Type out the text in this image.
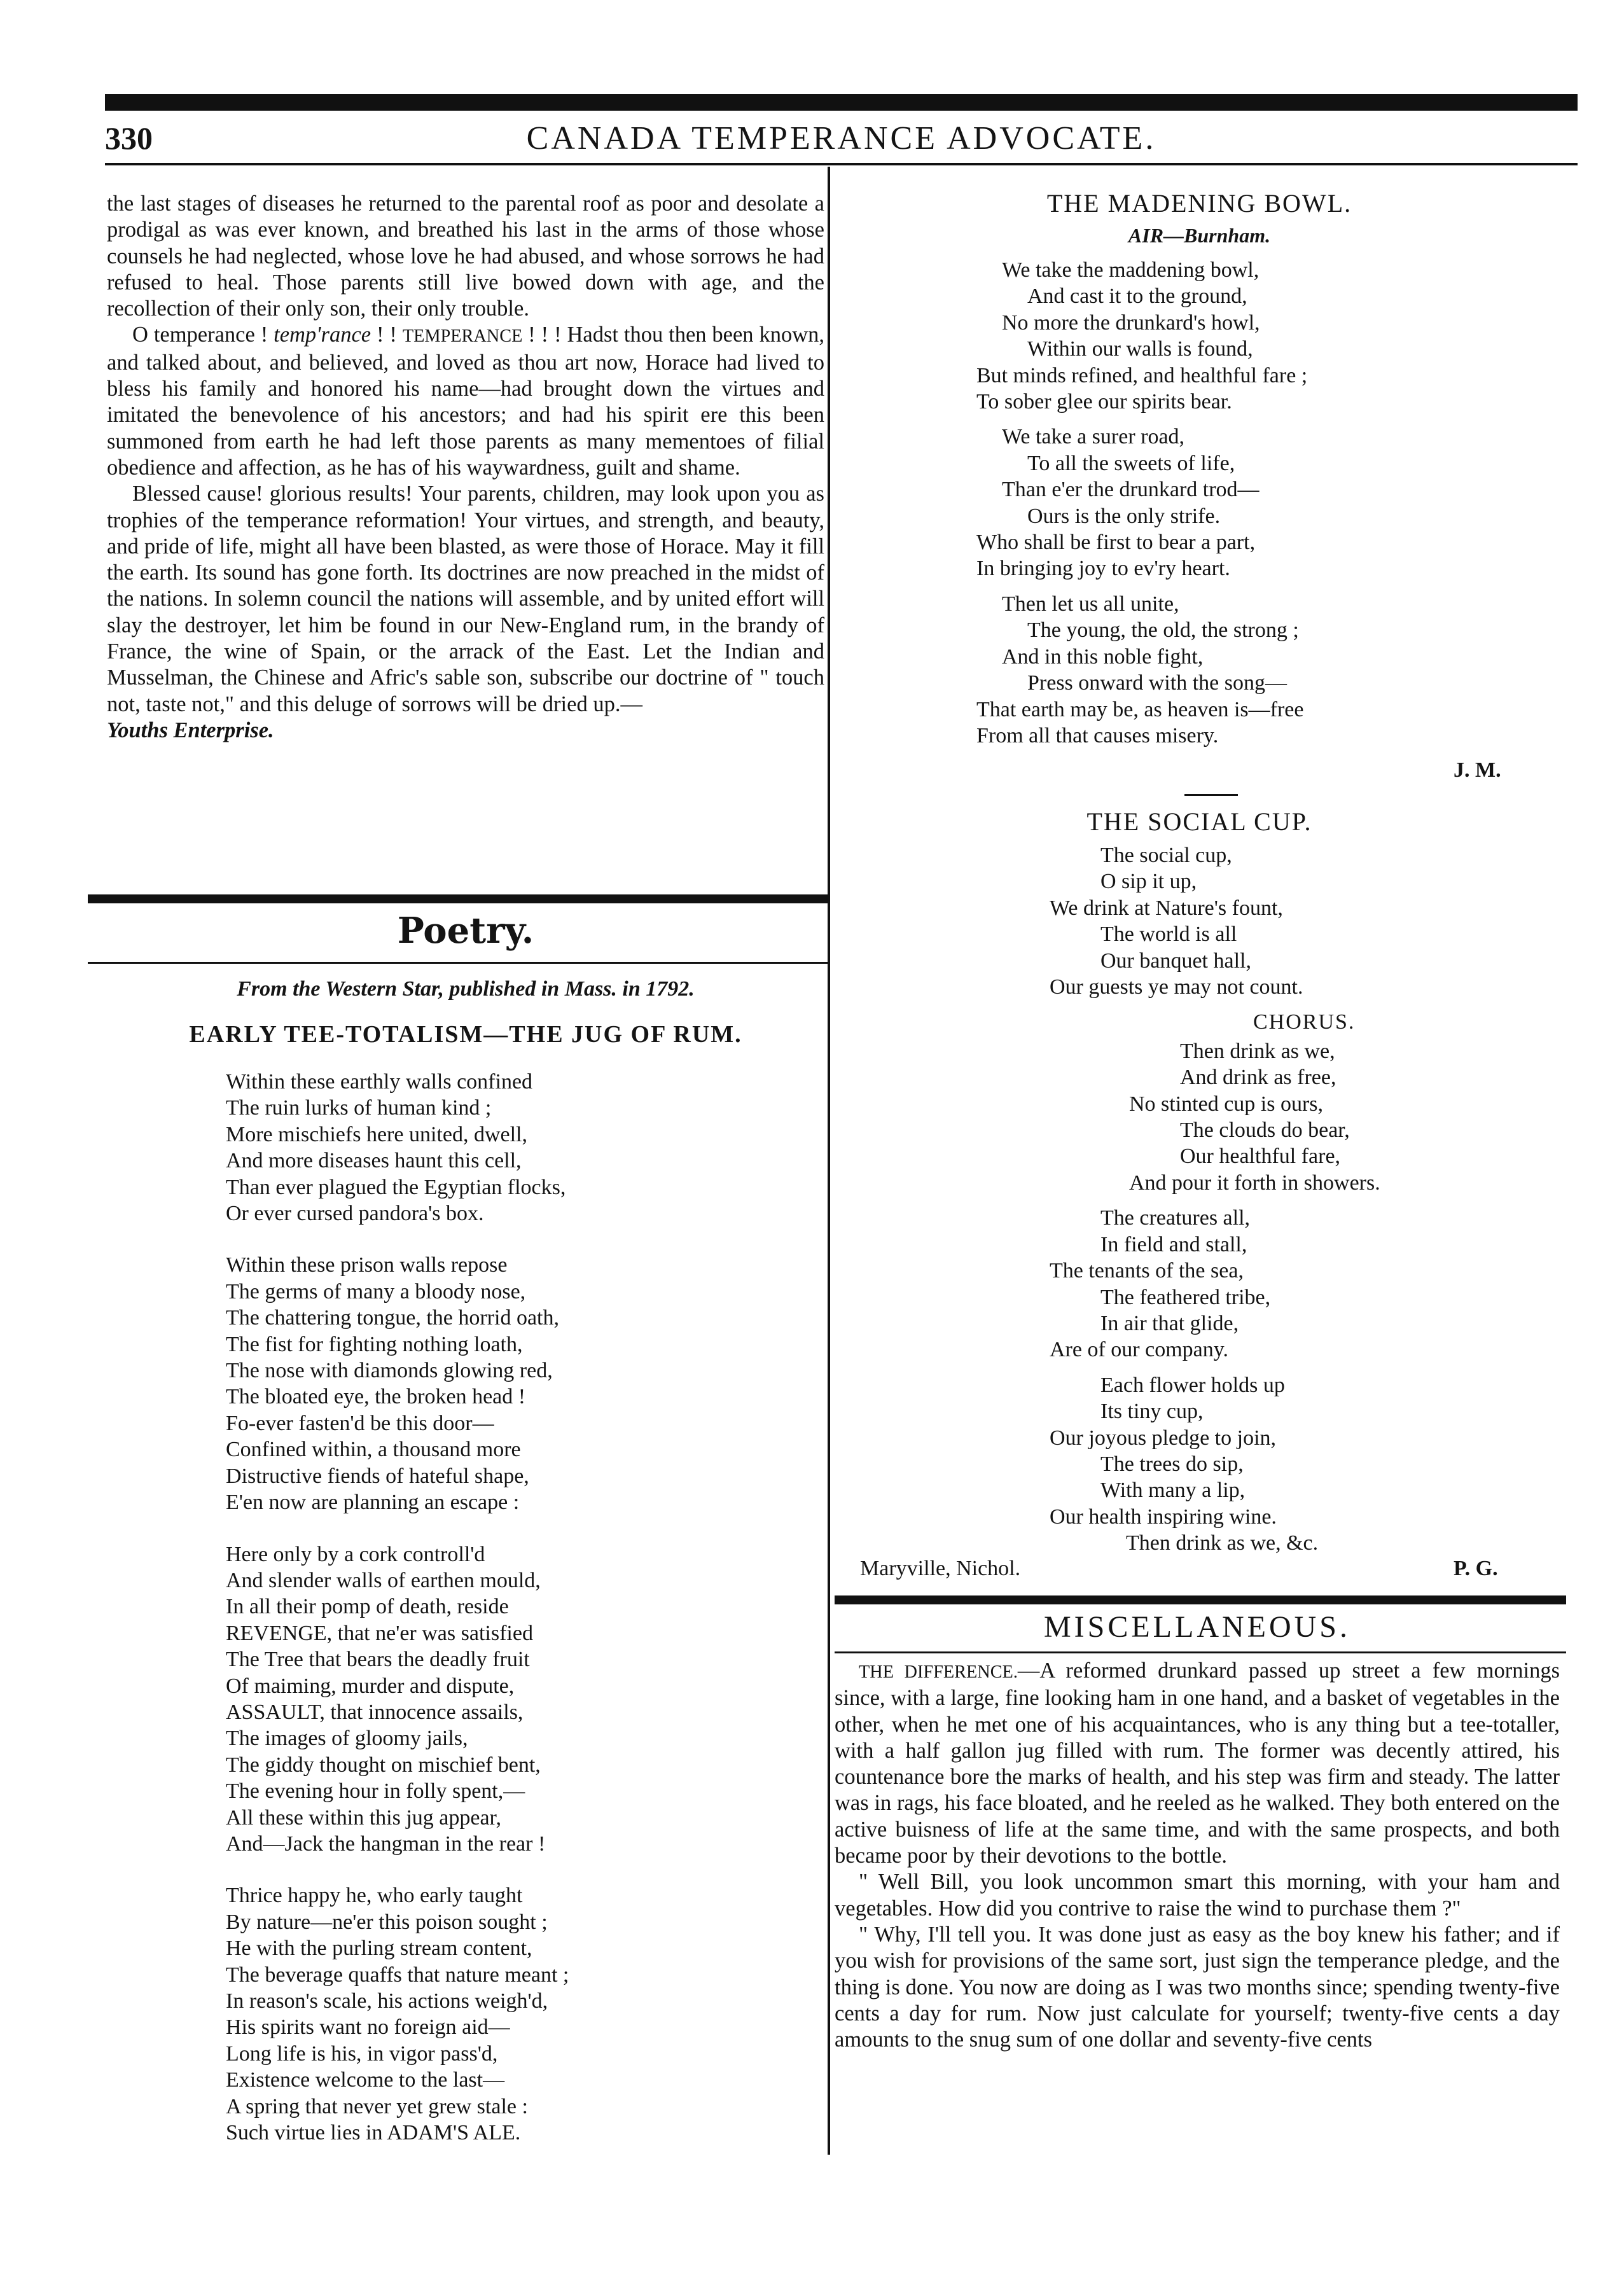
330	CANADA TEMPERANCE ADVOCATE.

the last stages of diseases he returned to the parental roof as poor and desolate a prodigal as was ever known, and breathed his last in the arms of those whose counsels he had neglected, whose love he had abused, and whose sorrows he had refused to heal. Those parents still live bowed down with age, and the recollection of their only son, their only trouble.

O temperance ! temp'rance ! ! TEMPERANCE ! ! ! Hadst thou then been known, and talked about, and believed, and loved as thou art now, Horace had lived to bless his family and honored his name—had brought down the virtues and imitated the benevolence of his ancestors; and had his spirit ere this been summoned from earth he had left those parents as many mementoes of filial obedience and affection, as he has of his waywardness, guilt and shame.

Blessed cause! glorious results! Your parents, children, may look upon you as trophies of the temperance reformation! Your virtues, and strength, and beauty, and pride of life, might all have been blasted, as were those of Horace. May it fill the earth. Its sound has gone forth. Its doctrines are now preached in the midst of the nations. In solemn council the nations will assemble, and by united effort will slay the destroyer, let him be found in our New-England rum, in the brandy of France, the wine of Spain, or the arrack of the East. Let the Indian and Musselman, the Chinese and Afric's sable son, subscribe our doctrine of " touch not, taste not," and this deluge of sorrows will be dried up.—

Youths Enterprise.

Poetry.
From the Western Star, published in Mass. in 1792.
EARLY TEE-TOTALISM—THE JUG OF RUM.
Within these earthly walls confined
The ruin lurks of human kind ;
More mischiefs here united, dwell,
And more diseases haunt this cell,
Than ever plagued the Egyptian flocks,
Or ever cursed pandora's box.
Within these prison walls repose
The germs of many a bloody nose,
The chattering tongue, the horrid oath,
The fist for fighting nothing loath,
The nose with diamonds glowing red,
The bloated eye, the broken head !
Fo-ever fasten'd be this door—
Confined within, a thousand more
Distructive fiends of hateful shape,
E'en now are planning an escape :
Here only by a cork controll'd
And slender walls of earthen mould,
In all their pomp of death, reside
REVENGE, that ne'er was satisfied
The Tree that bears the deadly fruit
Of maiming, murder and dispute,
ASSAULT, that innocence assails,
The images of gloomy jails,
The giddy thought on mischief bent,
The evening hour in folly spent,—
All these within this jug appear,
And—Jack the hangman in the rear !
Thrice happy he, who early taught
By nature—ne'er this poison sought ;
He with the purling stream content,
The beverage quaffs that nature meant ;
In reason's scale, his actions weigh'd,
His spirits want no foreign aid—
Long life is his, in vigor pass'd,
Existence welcome to the last—
A spring that never yet grew stale :
Such virtue lies in ADAM'S ALE.
THE MADENING BOWL.
AIR—Burnham.
We take the maddening bowl,
And cast it to the ground,
No more the drunkard's howl,
Within our walls is found,
But minds refined, and healthful fare ;
To sober glee our spirits bear.
We take a surer road,
To all the sweets of life,
Than e'er the drunkard trod—
Ours is the only strife.
Who shall be first to bear a part,
In bringing joy to ev'ry heart.
Then let us all unite,
The young, the old, the strong ;
And in this noble fight,
Press onward with the song—
That earth may be, as heaven is—free
From all that causes misery.
J. M.
THE SOCIAL CUP.
The social cup,
O sip it up,
We drink at Nature's fount,
The world is all
Our banquet hall,
Our guests ye may not count.
CHORUS.
Then drink as we,
And drink as free,
No stinted cup is ours,
The clouds do bear,
Our healthful fare,
And pour it forth in showers.
The creatures all,
In field and stall,
The tenants of the sea,
The feathered tribe,
In air that glide,
Are of our company.
Each flower holds up
Its tiny cup,
Our joyous pledge to join,
The trees do sip,
With many a lip,
Our health inspiring wine.
Then drink as we, &c.
Maryville, Nichol.	P. G.
MISCELLANEOUS.

THE DIFFERENCE.—A reformed drunkard passed up street a few mornings since, with a large, fine looking ham in one hand, and a basket of vegetables in the other, when he met one of his acquaintances, who is any thing but a tee-totaller, with a half gallon jug filled with rum. The former was decently attired, his countenance bore the marks of health, and his step was firm and steady. The latter was in rags, his face bloated, and he reeled as he walked. They both entered on the active buisness of life at the same time, and with the same prospects, and both became poor by their devotions to the bottle.

" Well Bill, you look uncommon smart this morning, with your ham and vegetables. How did you contrive to raise the wind to purchase them ?"

" Why, I'll tell you. It was done just as easy as the boy knew his father; and if you wish for provisions of the same sort, just sign the temperance pledge, and the thing is done. You now are doing as I was two months since; spending twenty-five cents a day for rum. Now just calculate for yourself; twenty-five cents a day amounts to the snug sum of one dollar and seventy-five cents
